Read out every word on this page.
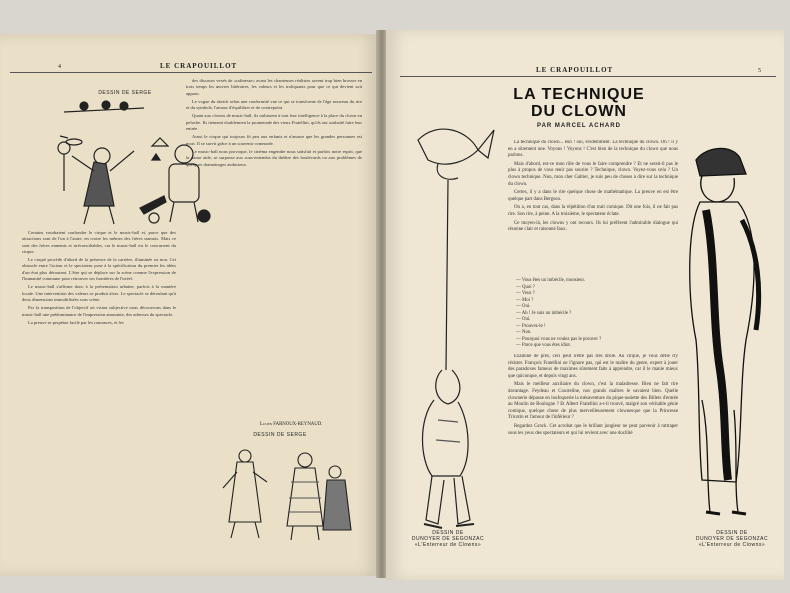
LE CRAPOUILLOT
4
DESSIN DE SERGE

Certains voudraient confondre le cirque et le music-hall et, parce que des attractions sont de l'un à l'autre, en croire les mêmes des frères siamois. Mais ce sont des frères ennemis et irréconciliables, car le music-hall est le concurrent du cirque.

Le cirqué procède d'abord de la présence de la carrière, illuminée ou non. Cet obstacle entre l'acteur et le spectateur pose à la spécification du premier les idées d'un état plus déroutant. L'être qui se déplace sur la scène comme l'expression de l'humanité commune pour retrouver ses frontières de l'irréel.

Le music-hall s'affirme donc à la présentation urbaine, parfois à la manière locale. Une intervention des valeurs se produit alors. Le spectacle se déroulant qu'à deux dimensions immobilisées sous scène.

Par la transposition de l'objectif où vision subjective nous découvrons dans le music-hall une prédominance de l'impression amusante, des adresses du spectacle.

La preuve se perpétue facile par les romances, et les

des discours vexés de «rafinesse» avant les chanteuses réalistes savent trop bien brosser en trois temps les œuvres littéraires, les valeurs et les trafiquants pour que ce qui devient soit apparu.

Le vogue du sketch selon une conformité vue ce qui se transforme de l'âge nouveau du rire et du symbole, l'amour d'équilibrer et de contrepoint.

Quant aux clowns de music-hall, ils trahissent à tout leur intelligence à la place du clown en peluche. Ils tiennent doublement la promenade des vieux Fratellini, qu'ils ont souhaité faire leur entrée.

Aussi le cirque qui toujours fit peu aux enfants et n'amuse que les grandes personnes est mort. Il se survit grâce à un souvenir commode.

Le music-hall nous provoque, le cinéma engendre nous satisfait et parfois notre esprit, que la danse aide, se surpasse aux sous-entendus du théâtre des boulevards ou aux problèmes de quelques dramaturges audacieux.

Lucien FARNOUX-REYNAUD.
DESSIN DE SERGE
LE CRAPOUILLOT	5
LA TECHNIQUE
DU CLOWN
PAR MARCEL ACHARD

La technique du clown... euh ! oui, évidemment. La technique du clown. Oh ! il y en a sûrement une. Voyons ! Voyons ! C'est bien de la technique du clown que nous parlons.

Mais d'abord, est-ce mon rôle de vous le faire comprendre ? Et ne serait-il pas le plus à propos de vous tenir pas sourire ? Technique, clown. Voyez-vous cela ? Un clown technique. Non, mon cher Galtier, je suis peu de choses à dire sur la technique du clown.

Certes, il y a dans le rire quelque chose de mathématique. La preuve en est être quelque part dans Bergson.

On a, en tout cas, dans la répétition d'un trait comique. Dit une fois, il ne fait pas rire. Son rire, à peine. A la troisième, le spectateur éclate.

Ce moyen-là, les clowns y ont recours. Ils lui préfèrent l'admirable dialogue qui résonne clair et raisonné faux.

— Vous êtes un imbécile, monsieur.
— Quoi ?
— Vous ?
— Moi ?
— Oui.
— Ah ! Je suis un imbécile ?
— Oui.
— Prouvez-le !
— Non.
— Pourquoi vous ne voulez pas le prouver ?
— Parce que vous êtes idiot.

Examiné de près, ceci peut n'être pas très drôle. Au cirque, je vous défie d'y résister. François Fratellini ne l'ignore pas, qui est le maître du genre, expert à jouer des paradoxes fameux de maximes sûrement faits à apprendre, car il le manie mieux que quiconque, et depuis vingt ans.

Mais le meilleur auxiliaire du clown, c'est la maladresse. Bien ne fait rire davantage. Feydeau et Courteline, nos grands maîtres le savaient bien. Quelle clownerie dépasse en loufoquerie la mésaventure du pique-assiette des Billets d'entrée au Moulin de Boulogne ? Et Albert Fratellini a-t-il trouvé, malgré son véritable génie comique, quelque chose de plus merveilleusement clownesque que la Princesse Tricotin et l'amour de l'inférieur ?

Regardez Grock. Cet acrobat que le brillant jongleur ne peut parvenir à rattraper sous les yeux des spectateurs et qui lui revient avec une docilité

DESSIN DE
DUNOYER DE SEGONZAC
«L'Enterreur de Clowns»
DESSIN DE
DUNOYER DE SEGONZAC
«L'Enterreur de Clowns»
